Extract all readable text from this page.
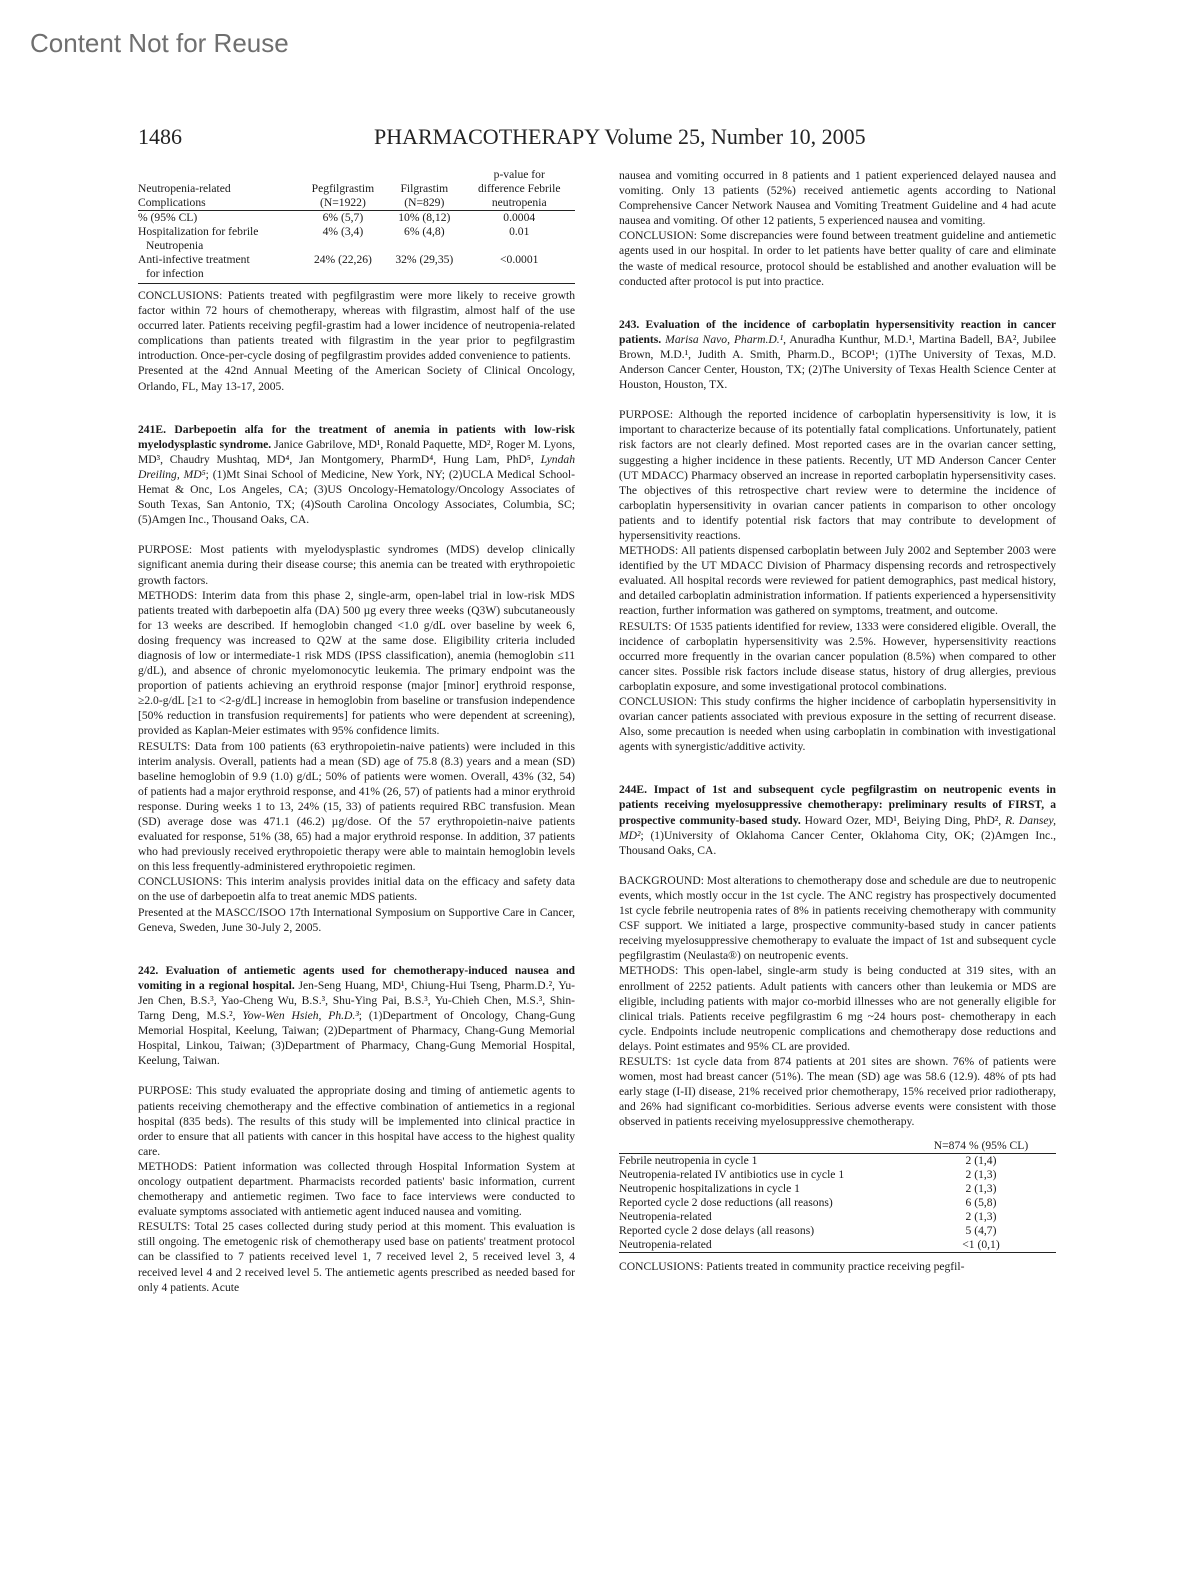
Content Not for Reuse
1486	PHARMACOTHERAPY Volume 25, Number 10, 2005
			p-value for
Neutropenia-related	Pegfilgrastim	Filgrastim	difference Febrile
Complications	(N=1922)	(N=829)	neutropenia
% (95% CL)	6% (5,7)	10% (8,12)	0.0004
Hospitalization for febrile	4% (3,4)	6% (4,8)	0.01
Neutropenia			
Anti-infective treatment	24% (22,26)	32% (29,35)	<0.0001
for infection			

CONCLUSIONS: Patients treated with pegfilgrastim were more likely to receive growth factor within 72 hours of chemotherapy, whereas with filgrastim, almost half of the use occurred later. Patients receiving pegfil-grastim had a lower incidence of neutropenia-related complications than patients treated with filgrastim in the year prior to pegfilgrastim introduction. Once-per-cycle dosing of pegfilgrastim provides added convenience to patients.

Presented at the 42nd Annual Meeting of the American Society of Clinical Oncology, Orlando, FL, May 13-17, 2005.

241E. Darbepoetin alfa for the treatment of anemia in patients with low-risk myelodysplastic syndrome. Janice Gabrilove, MD¹, Ronald Paquette, MD², Roger M. Lyons, MD³, Chaudry Mushtaq, MD⁴, Jan Montgomery, PharmD⁴, Hung Lam, PhD⁵, Lyndah Dreiling, MD⁵; (1)Mt Sinai School of Medicine, New York, NY; (2)UCLA Medical School-Hemat & Onc, Los Angeles, CA; (3)US Oncology-Hematology/Oncology Associates of South Texas, San Antonio, TX; (4)South Carolina Oncology Associates, Columbia, SC; (5)Amgen Inc., Thousand Oaks, CA.

PURPOSE: Most patients with myelodysplastic syndromes (MDS) develop clinically significant anemia during their disease course; this anemia can be treated with erythropoietic growth factors.

METHODS: Interim data from this phase 2, single-arm, open-label trial in low-risk MDS patients treated with darbepoetin alfa (DA) 500 µg every three weeks (Q3W) subcutaneously for 13 weeks are described. If hemoglobin changed <1.0 g/dL over baseline by week 6, dosing frequency was increased to Q2W at the same dose. Eligibility criteria included diagnosis of low or intermediate-1 risk MDS (IPSS classification), anemia (hemoglobin ≤11 g/dL), and absence of chronic myelomonocytic leukemia. The primary endpoint was the proportion of patients achieving an erythroid response (major [minor] erythroid response, ≥2.0-g/dL [≥1 to <2-g/dL] increase in hemoglobin from baseline or transfusion independence [50% reduction in transfusion requirements] for patients who were dependent at screening), provided as Kaplan-Meier estimates with 95% confidence limits.

RESULTS: Data from 100 patients (63 erythropoietin-naive patients) were included in this interim analysis. Overall, patients had a mean (SD) age of 75.8 (8.3) years and a mean (SD) baseline hemoglobin of 9.9 (1.0) g/dL; 50% of patients were women. Overall, 43% (32, 54) of patients had a major erythroid response, and 41% (26, 57) of patients had a minor erythroid response. During weeks 1 to 13, 24% (15, 33) of patients required RBC transfusion. Mean (SD) average dose was 471.1 (46.2) µg/dose. Of the 57 erythropoietin-naive patients evaluated for response, 51% (38, 65) had a major erythroid response. In addition, 37 patients who had previously received erythropoietic therapy were able to maintain hemoglobin levels on this less frequently-administered erythropoietic regimen.

CONCLUSIONS: This interim analysis provides initial data on the efficacy and safety data on the use of darbepoetin alfa to treat anemic MDS patients.

Presented at the MASCC/ISOO 17th International Symposium on Supportive Care in Cancer, Geneva, Sweden, June 30-July 2, 2005.

242. Evaluation of antiemetic agents used for chemotherapy-induced nausea and vomiting in a regional hospital. Jen-Seng Huang, MD¹, Chiung-Hui Tseng, Pharm.D.², Yu-Jen Chen, B.S.³, Yao-Cheng Wu, B.S.³, Shu-Ying Pai, B.S.³, Yu-Chieh Chen, M.S.³, Shin-Tarng Deng, M.S.², Yow-Wen Hsieh, Ph.D.³; (1)Department of Oncology, Chang-Gung Memorial Hospital, Keelung, Taiwan; (2)Department of Pharmacy, Chang-Gung Memorial Hospital, Linkou, Taiwan; (3)Department of Pharmacy, Chang-Gung Memorial Hospital, Keelung, Taiwan.

PURPOSE: This study evaluated the appropriate dosing and timing of antiemetic agents to patients receiving chemotherapy and the effective combination of antiemetics in a regional hospital (835 beds). The results of this study will be implemented into clinical practice in order to ensure that all patients with cancer in this hospital have access to the highest quality care.

METHODS: Patient information was collected through Hospital Information System at oncology outpatient department. Pharmacists recorded patients' basic information, current chemotherapy and antiemetic regimen. Two face to face interviews were conducted to evaluate symptoms associated with antiemetic agent induced nausea and vomiting.

RESULTS: Total 25 cases collected during study period at this moment. This evaluation is still ongoing. The emetogenic risk of chemotherapy used base on patients' treatment protocol can be classified to 7 patients received level 1, 7 received level 2, 5 received level 3, 4 received level 4 and 2 received level 5. The antiemetic agents prescribed as needed based for only 4 patients. Acute

nausea and vomiting occurred in 8 patients and 1 patient experienced delayed nausea and vomiting. Only 13 patients (52%) received antiemetic agents according to National Comprehensive Cancer Network Nausea and Vomiting Treatment Guideline and 4 had acute nausea and vomiting. Of other 12 patients, 5 experienced nausea and vomiting.

CONCLUSION: Some discrepancies were found between treatment guideline and antiemetic agents used in our hospital. In order to let patients have better quality of care and eliminate the waste of medical resource, protocol should be established and another evaluation will be conducted after protocol is put into practice.

243. Evaluation of the incidence of carboplatin hypersensitivity reaction in cancer patients. Marisa Navo, Pharm.D.¹, Anuradha Kunthur, M.D.¹, Martina Badell, BA², Jubilee Brown, M.D.¹, Judith A. Smith, Pharm.D., BCOP¹; (1)The University of Texas, M.D. Anderson Cancer Center, Houston, TX; (2)The University of Texas Health Science Center at Houston, Houston, TX.

PURPOSE: Although the reported incidence of carboplatin hypersensitivity is low, it is important to characterize because of its potentially fatal complications. Unfortunately, patient risk factors are not clearly defined. Most reported cases are in the ovarian cancer setting, suggesting a higher incidence in these patients. Recently, UT MD Anderson Cancer Center (UT MDACC) Pharmacy observed an increase in reported carboplatin hypersensitivity cases. The objectives of this retrospective chart review were to determine the incidence of carboplatin hypersensitivity in ovarian cancer patients in comparison to other oncology patients and to identify potential risk factors that may contribute to development of hypersensitivity reactions.

METHODS: All patients dispensed carboplatin between July 2002 and September 2003 were identified by the UT MDACC Division of Pharmacy dispensing records and retrospectively evaluated. All hospital records were reviewed for patient demographics, past medical history, and detailed carboplatin administration information. If patients experienced a hypersensitivity reaction, further information was gathered on symptoms, treatment, and outcome.

RESULTS: Of 1535 patients identified for review, 1333 were considered eligible. Overall, the incidence of carboplatin hypersensitivity was 2.5%. However, hypersensitivity reactions occurred more frequently in the ovarian cancer population (8.5%) when compared to other cancer sites. Possible risk factors include disease status, history of drug allergies, previous carboplatin exposure, and some investigational protocol combinations.

CONCLUSION: This study confirms the higher incidence of carboplatin hypersensitivity in ovarian cancer patients associated with previous exposure in the setting of recurrent disease. Also, some precaution is needed when using carboplatin in combination with investigational agents with synergistic/additive activity.

244E. Impact of 1st and subsequent cycle pegfilgrastim on neutropenic events in patients receiving myelosuppressive chemotherapy: preliminary results of FIRST, a prospective community-based study. Howard Ozer, MD¹, Beiying Ding, PhD², R. Dansey, MD²; (1)University of Oklahoma Cancer Center, Oklahoma City, OK; (2)Amgen Inc., Thousand Oaks, CA.

BACKGROUND: Most alterations to chemotherapy dose and schedule are due to neutropenic events, which mostly occur in the 1st cycle. The ANC registry has prospectively documented 1st cycle febrile neutropenia rates of 8% in patients receiving chemotherapy with community CSF support. We initiated a large, prospective community-based study in cancer patients receiving myelosuppressive chemotherapy to evaluate the impact of 1st and subsequent cycle pegfilgrastim (Neulasta®) on neutropenic events.

METHODS: This open-label, single-arm study is being conducted at 319 sites, with an enrollment of 2252 patients. Adult patients with cancers other than leukemia or MDS are eligible, including patients with major co-morbid illnesses who are not generally eligible for clinical trials. Patients receive pegfilgrastim 6 mg ~24 hours post- chemotherapy in each cycle. Endpoints include neutropenic complications and chemotherapy dose reductions and delays. Point estimates and 95% CL are provided.

RESULTS: 1st cycle data from 874 patients at 201 sites are shown. 76% of patients were women, most had breast cancer (51%). The mean (SD) age was 58.6 (12.9). 48% of pts had early stage (I-II) disease, 21% received prior chemotherapy, 15% received prior radiotherapy, and 26% had significant co-morbidities. Serious adverse events were consistent with those observed in patients receiving myelosuppressive chemotherapy.

	N=874 % (95% CL)
Febrile neutropenia in cycle 1	2 (1,4)
Neutropenia-related IV antibiotics use in cycle 1	2 (1,3)
Neutropenic hospitalizations in cycle 1	2 (1,3)
Reported cycle 2 dose reductions (all reasons)	6 (5,8)
Neutropenia-related	2 (1,3)
Reported cycle 2 dose delays (all reasons)	5 (4,7)
Neutropenia-related	<1 (0,1)

CONCLUSIONS: Patients treated in community practice receiving pegfil-
